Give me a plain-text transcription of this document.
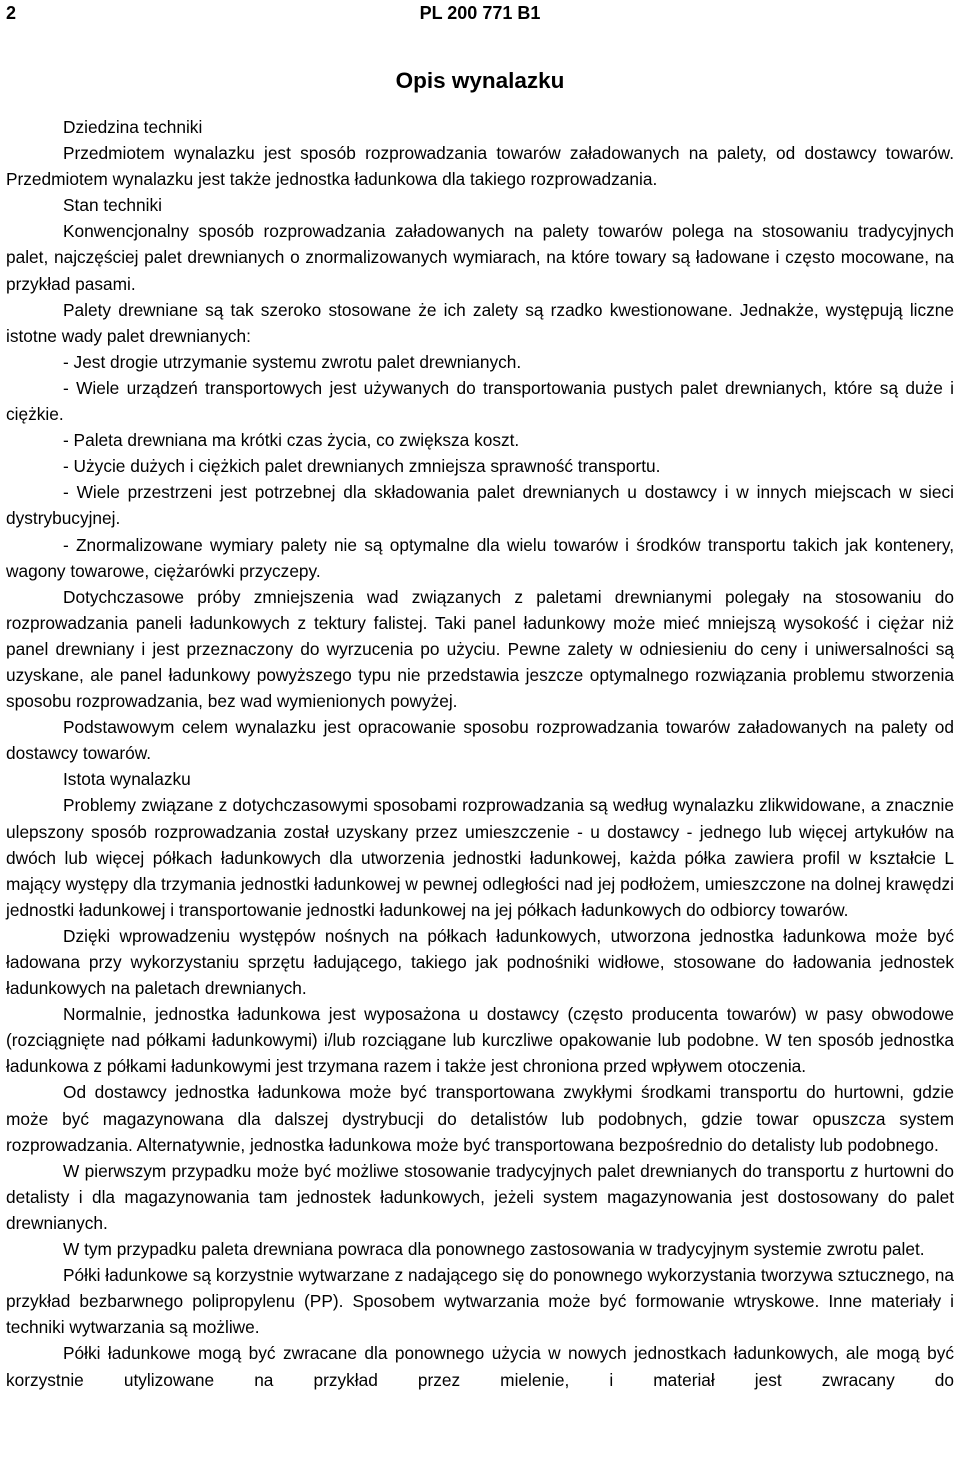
2	PL 200 771 B1
Opis wynalazku

Dziedzina techniki

Przedmiotem wynalazku jest sposób rozprowadzania towarów załadowanych na palety, od dostawcy towarów. Przedmiotem wynalazku jest także jednostka ładunkowa dla takiego rozprowadzania.

Stan techniki

Konwencjonalny sposób rozprowadzania załadowanych na palety towarów polega na stosowaniu tradycyjnych palet, najczęściej palet drewnianych o znormalizowanych wymiarach, na które towary są ładowane i często mocowane, na przykład pasami.

Palety drewniane są tak szeroko stosowane że ich zalety są rzadko kwestionowane. Jednakże, występują liczne istotne wady palet drewnianych:

- Jest drogie utrzymanie systemu zwrotu palet drewnianych.

- Wiele urządzeń transportowych jest używanych do transportowania pustych palet drewnianych, które są duże i ciężkie.

- Paleta drewniana ma krótki czas życia, co zwiększa koszt.

- Użycie dużych i ciężkich palet drewnianych zmniejsza sprawność transportu.

- Wiele przestrzeni jest potrzebnej dla składowania palet drewnianych u dostawcy i w innych miejscach w sieci dystrybucyjnej.

- Znormalizowane wymiary palety nie są optymalne dla wielu towarów i środków transportu takich jak kontenery, wagony towarowe, ciężarówki przyczepy.

Dotychczasowe próby zmniejszenia wad związanych z paletami drewnianymi polegały na stosowaniu do rozprowadzania paneli ładunkowych z tektury falistej. Taki panel ładunkowy może mieć mniejszą wysokość i ciężar niż panel drewniany i jest przeznaczony do wyrzucenia po użyciu. Pewne zalety w odniesieniu do ceny i uniwersalności są uzyskane, ale panel ładunkowy powyższego typu nie przedstawia jeszcze optymalnego rozwiązania problemu stworzenia sposobu rozprowadzania, bez wad wymienionych powyżej.

Podstawowym celem wynalazku jest opracowanie sposobu rozprowadzania towarów załadowanych na palety od dostawcy towarów.

Istota wynalazku

Problemy związane z dotychczasowymi sposobami rozprowadzania są według wynalazku zlikwidowane, a znacznie ulepszony sposób rozprowadzania został uzyskany przez umieszczenie - u dostawcy - jednego lub więcej artykułów na dwóch lub więcej półkach ładunkowych dla utworzenia jednostki ładunkowej, każda półka zawiera profil w kształcie L mający występy dla trzymania jednostki ładunkowej w pewnej odległości nad jej podłożem, umieszczone na dolnej krawędzi jednostki ładunkowej i transportowanie jednostki ładunkowej na jej półkach ładunkowych do odbiorcy towarów.

Dzięki wprowadzeniu występów nośnych na półkach ładunkowych, utworzona jednostka ładunkowa może być ładowana przy wykorzystaniu sprzętu ładującego, takiego jak podnośniki widłowe, stosowane do ładowania jednostek ładunkowych na paletach drewnianych.

Normalnie, jednostka ładunkowa jest wyposażona u dostawcy (często producenta towarów) w pasy obwodowe (rozciągnięte nad półkami ładunkowymi) i/lub rozciągane lub kurczliwe opakowanie lub podobne. W ten sposób jednostka ładunkowa z półkami ładunkowymi jest trzymana razem i także jest chroniona przed wpływem otoczenia.

Od dostawcy jednostka ładunkowa może być transportowana zwykłymi środkami transportu do hurtowni, gdzie może być magazynowana dla dalszej dystrybucji do detalistów lub podobnych, gdzie towar opuszcza system rozprowadzania. Alternatywnie, jednostka ładunkowa może być transportowana bezpośrednio do detalisty lub podobnego.

W pierwszym przypadku może być możliwe stosowanie tradycyjnych palet drewnianych do transportu z hurtowni do detalisty i dla magazynowania tam jednostek ładunkowych, jeżeli system magazynowania jest dostosowany do palet drewnianych.

W tym przypadku paleta drewniana powraca dla ponownego zastosowania w tradycyjnym systemie zwrotu palet.

Półki ładunkowe są korzystnie wytwarzane z nadającego się do ponownego wykorzystania tworzywa sztucznego, na przykład bezbarwnego polipropylenu (PP). Sposobem wytwarzania może być formowanie wtryskowe. Inne materiały i techniki wytwarzania są możliwe.

Półki ładunkowe mogą być zwracane dla ponownego użycia w nowych jednostkach ładunkowych, ale mogą być korzystnie utylizowane na przykład przez mielenie, i materiał jest zwracany do
